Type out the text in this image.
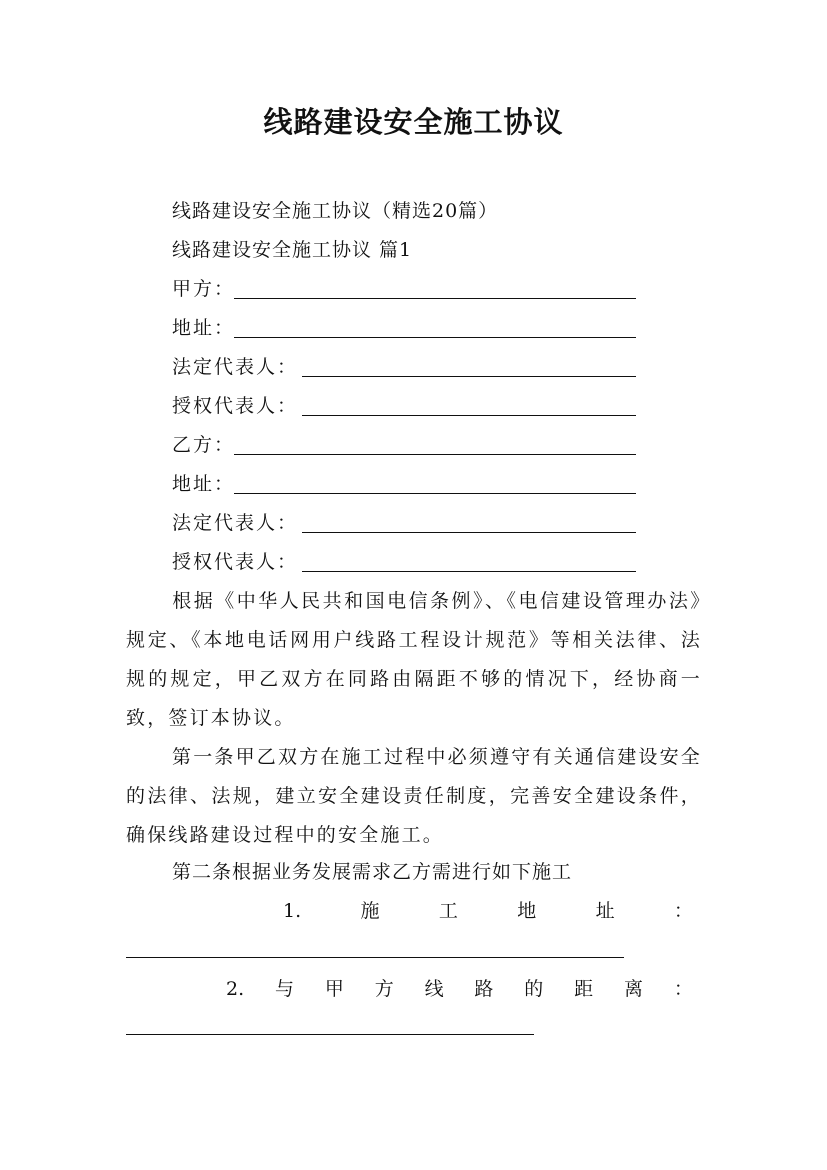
线路建设安全施工协议
线路建设安全施工协议（精选20篇）
线路建设安全施工协议 篇1
甲方：
地址：
法定代表人：
授权代表人：
乙方：
地址：
法定代表人：
授权代表人：
根据《中华人民共和国电信条例》、《电信建设管理办法》规定、《本地电话网用户线路工程设计规范》等相关法律、法规的规定，甲乙双方在同路由隔距不够的情况下，经协商一致，签订本协议。
第一条甲乙双方在施工过程中必须遵守有关通信建设安全的法律、法规，建立安全建设责任制度，完善安全建设条件，确保线路建设过程中的安全施工。
第二条根据业务发展需求乙方需进行如下施工
1.	施	工	地	址	：
2. 与 甲 方 线 路 的 距 离 ：
